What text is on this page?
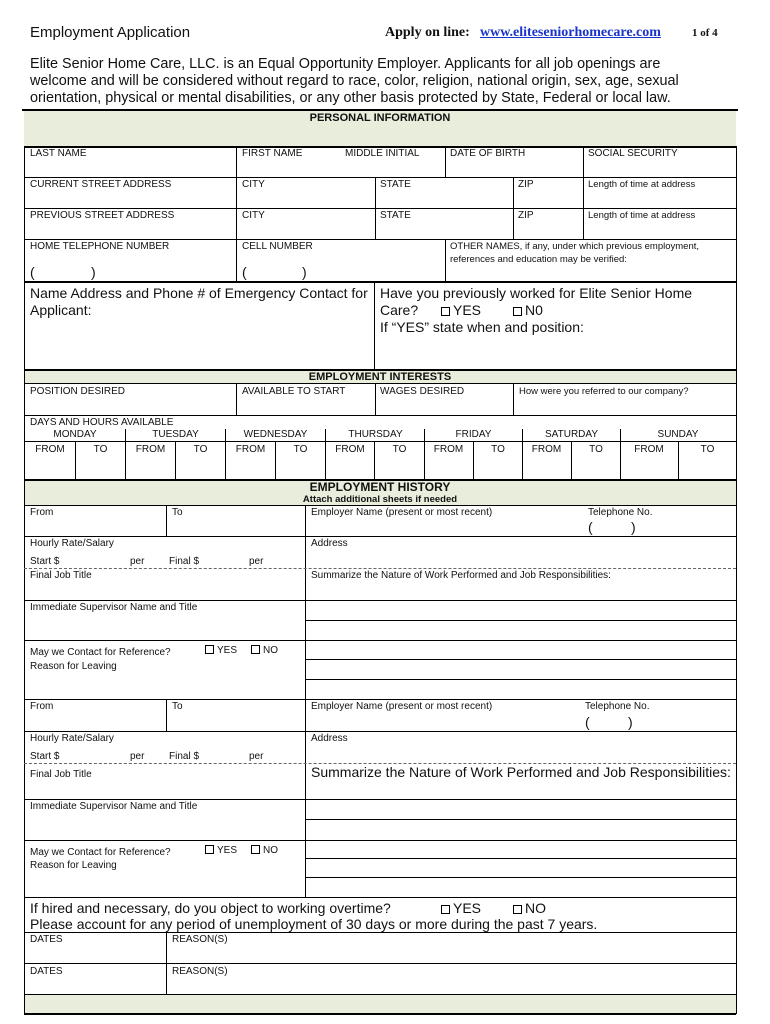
Employment Application	Apply on line: www.eliteseniorhomecare.com	1 of 4
Elite Senior Home Care, LLC. is an Equal Opportunity Employer. Applicants for all job openings are
welcome and will be considered without regard to race, color, religion, national origin, sex, age, sexual
orientation, physical or mental disabilities, or any other basis protected by State, Federal or local law.
PERSONAL INFORMATION
LAST NAME	FIRST NAME	MIDDLE INITIAL	DATE OF BIRTH	SOCIAL SECURITY
CURRENT STREET ADDRESS	CITY	STATE	ZIP	Length of time at address
PREVIOUS STREET ADDRESS	CITY	STATE	ZIP	Length of time at address
HOME TELEPHONE NUMBER	CELL NUMBER	OTHER NAMES, if any, under which previous employment,
references and education may be verified:
(	)	(	)
Name Address and Phone # of Emergency Contact for
Applicant:
Have you previously worked for Elite Senior Home
Care?	YES	N0
If “YES” state when and position:
EMPLOYMENT INTERESTS
POSITION DESIRED	AVAILABLE TO START	WAGES DESIRED	How were you referred to our company?
DAYS AND HOURS AVAILABLE
MONDAY	TUESDAY	WEDNESDAY	THURSDAY	FRIDAY	SATURDAY	SUNDAY
FROM	TO	FROM	TO	FROM	TO	FROM	TO	FROM	TO	FROM	TO	FROM	TO
EMPLOYMENT HISTORY
Attach additional sheets if needed
From	To	Employer Name (present or most recent)	Telephone No.
(	)
Hourly Rate/Salary	Address
Start $	per Final $	per
Final Job Title	Summarize the Nature of Work Performed and Job Responsibilities:
Immediate Supervisor Name and Title
May we Contact for Reference?	YES	NO
Reason for Leaving
From	To	Employer Name (present or most recent)	Telephone No.
(	)
Hourly Rate/Salary	Address
Start $	per Final $	per
Final Job Title	Summarize the Nature of Work Performed and Job Responsibilities:
Immediate Supervisor Name and Title
May we Contact for Reference?	YES	NO
Reason for Leaving
If hired and necessary, do you object to working overtime?	YES	NO
Please account for any period of unemployment of 30 days or more during the past 7 years.
DATES	REASON(S)
DATES	REASON(S)
